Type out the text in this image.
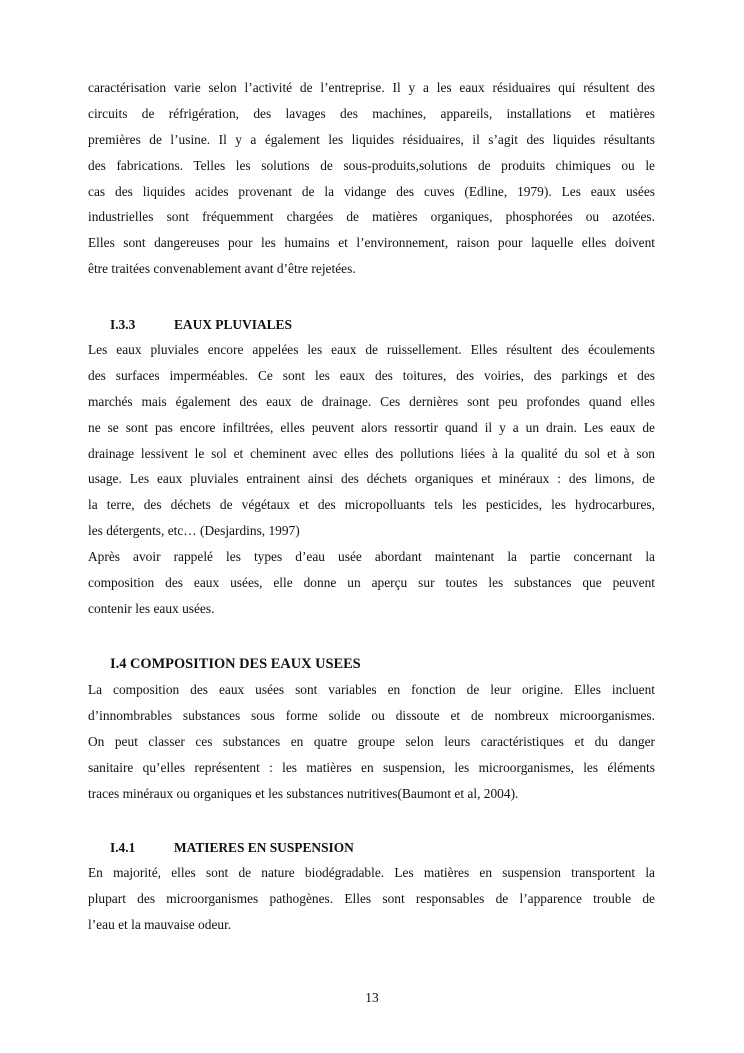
caractérisation varie selon l’activité de l’entreprise. Il y a les eaux résiduaires qui résultent des
circuits de réfrigération, des lavages des machines, appareils, installations et matières
premières de l’usine. Il y a également les liquides résiduaires, il s’agit des liquides résultants
des fabrications. Telles les solutions de sous-produits,solutions de produits chimiques ou le
cas des liquides acides provenant de la vidange des cuves (Edline, 1979). Les eaux usées
industrielles sont fréquemment chargées de matières organiques, phosphorées ou azotées.
Elles sont dangereuses pour les humains et l’environnement, raison pour laquelle elles doivent
être traitées convenablement avant d’être rejetées.
I.3.3	EAUX PLUVIALES
Les eaux pluviales encore appelées les eaux de ruissellement. Elles résultent des écoulements
des surfaces imperméables. Ce sont les eaux des toitures, des voiries, des parkings et des
marchés mais également des eaux de drainage. Ces dernières sont peu profondes quand elles
ne se sont pas encore infiltrées, elles peuvent alors ressortir quand il y a un drain. Les eaux de
drainage lessivent le sol et cheminent avec elles des pollutions liées à la qualité du sol et à son
usage. Les eaux pluviales entrainent ainsi des déchets organiques et minéraux : des limons, de
la terre, des déchets de végétaux et des micropolluants tels les pesticides, les hydrocarbures,
les détergents, etc… (Desjardins, 1997)
Après avoir rappelé les types d’eau usée abordant maintenant la partie concernant la
composition des eaux usées, elle donne un aperçu sur toutes les substances que peuvent
contenir les eaux usées.
I.4 COMPOSITION DES EAUX USEES
La composition des eaux usées sont variables en fonction de leur origine. Elles incluent
d’innombrables substances sous forme solide ou dissoute et de nombreux microorganismes.
On peut classer ces substances en quatre groupe selon leurs caractéristiques et du danger
sanitaire qu’elles représentent : les matières en suspension, les microorganismes, les éléments
traces minéraux ou organiques et les substances nutritives(Baumont et al, 2004).
I.4.1	MATIERES EN SUSPENSION
En majorité, elles sont de nature biodégradable. Les matières en suspension transportent la
plupart des microorganismes pathogènes. Elles sont responsables de l’apparence trouble de
l’eau et la mauvaise odeur.
13
